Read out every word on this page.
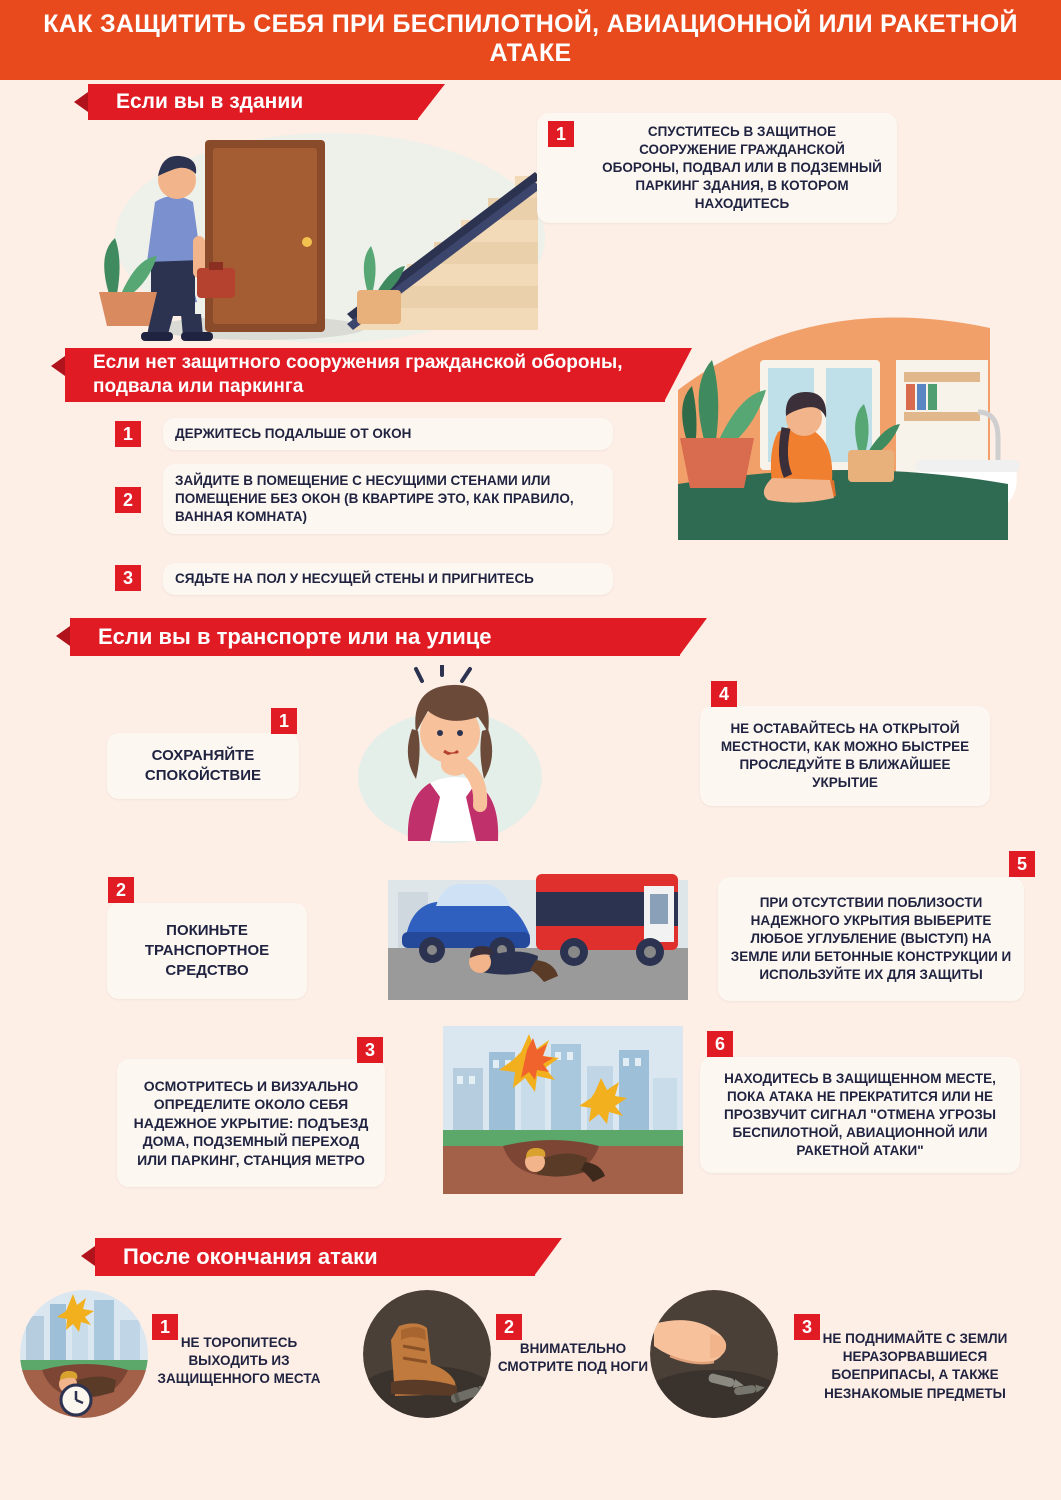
КАК ЗАЩИТИТЬ СЕБЯ ПРИ БЕСПИЛОТНОЙ, АВИАЦИОННОЙ ИЛИ РАКЕТНОЙ АТАКЕ
Если вы в здании
1	СПУСТИТЕСЬ В ЗАЩИТНОЕ СООРУЖЕНИЕ ГРАЖДАНСКОЙ ОБОРОНЫ, ПОДВАЛ ИЛИ В ПОДЗЕМНЫЙ ПАРКИНГ ЗДАНИЯ, В КОТОРОМ НАХОДИТЕСЬ
Если нет защитного сооружения гражданской обороны, подвала или паркинга
1	ДЕРЖИТЕСЬ ПОДАЛЬШЕ ОТ ОКОН
2
ЗАЙДИТЕ В ПОМЕЩЕНИЕ С НЕСУЩИМИ СТЕНАМИ ИЛИ ПОМЕЩЕНИЕ БЕЗ ОКОН (В КВАРТИРЕ ЭТО, КАК ПРАВИЛО, ВАННАЯ КОМНАТА)
3	СЯДЬТЕ НА ПОЛ У НЕСУЩЕЙ СТЕНЫ И ПРИГНИТЕСЬ
Если вы в транспорте или на улице
1
СОХРАНЯЙТЕ СПОКОЙСТВИЕ
4
НЕ ОСТАВАЙТЕСЬ НА ОТКРЫТОЙ МЕСТНОСТИ, КАК МОЖНО БЫСТРЕЕ ПРОСЛЕДУЙТЕ В БЛИЖАЙШЕЕ УКРЫТИЕ
2
ПОКИНЬТЕ ТРАНСПОРТНОЕ СРЕДСТВО
5
ПРИ ОТСУТСТВИИ ПОБЛИЗОСТИ НАДЕЖНОГО УКРЫТИЯ ВЫБЕРИТЕ ЛЮБОЕ УГЛУБЛЕНИЕ (ВЫСТУП) НА ЗЕМЛЕ ИЛИ БЕТОННЫЕ КОНСТРУКЦИИ И ИСПОЛЬЗУЙТЕ ИХ ДЛЯ ЗАЩИТЫ
3
ОСМОТРИТЕСЬ И ВИЗУАЛЬНО ОПРЕДЕЛИТЕ ОКОЛО СЕБЯ НАДЕЖНОЕ УКРЫТИЕ: ПОДЪЕЗД ДОМА, ПОДЗЕМНЫЙ ПЕРЕХОД ИЛИ ПАРКИНГ, СТАНЦИЯ МЕТРО
6
НАХОДИТЕСЬ В ЗАЩИЩЕННОМ МЕСТЕ, ПОКА АТАКА НЕ ПРЕКРАТИТСЯ ИЛИ НЕ ПРОЗВУЧИТ СИГНАЛ "ОТМЕНА УГРОЗЫ БЕСПИЛОТНОЙ, АВИАЦИОННОЙ ИЛИ РАКЕТНОЙ АТАКИ"
После окончания атаки
1
НЕ ТОРОПИТЕСЬ ВЫХОДИТЬ ИЗ ЗАЩИЩЕННОГО МЕСТА
2
ВНИМАТЕЛЬНО СМОТРИТЕ ПОД НОГИ
3
НЕ ПОДНИМАЙТЕ С ЗЕМЛИ НЕРАЗОРВАВШИЕСЯ БОЕПРИПАСЫ, А ТАКЖЕ НЕЗНАКОМЫЕ ПРЕДМЕТЫ
